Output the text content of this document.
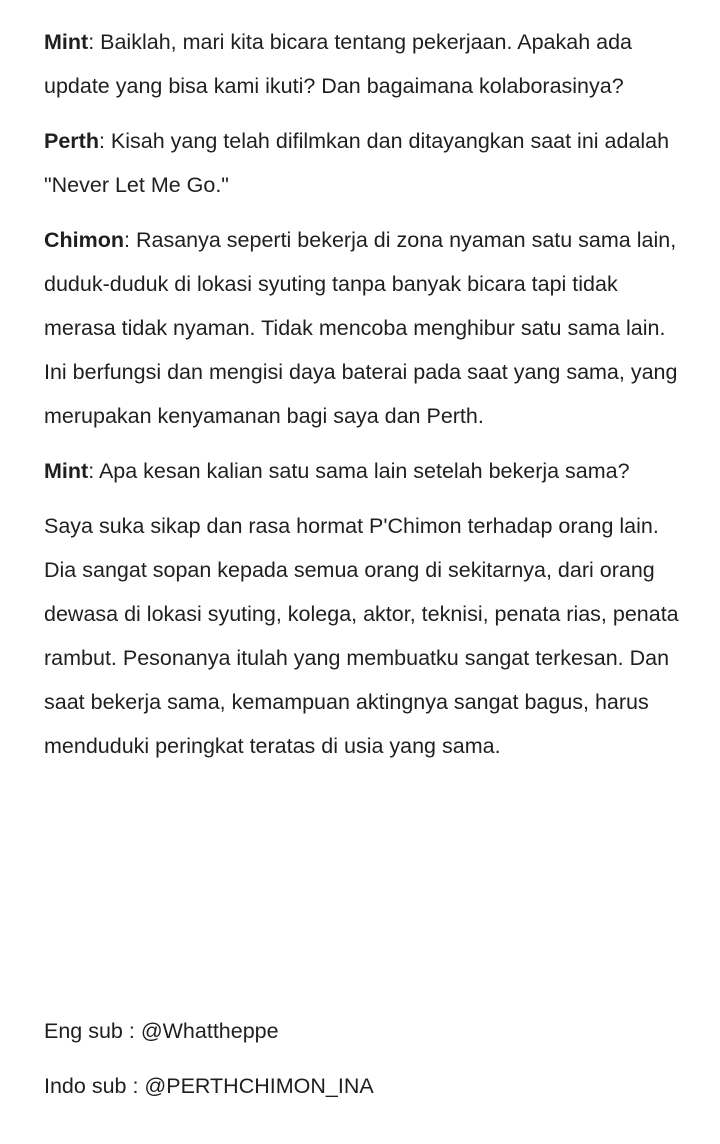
Mint: Baiklah, mari kita bicara tentang pekerjaan. Apakah ada update yang bisa kami ikuti? Dan bagaimana kolaborasinya?

Perth: Kisah yang telah difilmkan dan ditayangkan saat ini adalah "Never Let Me Go."

Chimon: Rasanya seperti bekerja di zona nyaman satu sama lain, duduk-duduk di lokasi syuting tanpa banyak bicara tapi tidak merasa tidak nyaman. Tidak mencoba menghibur satu sama lain. Ini berfungsi dan mengisi daya baterai pada saat yang sama, yang merupakan kenyamanan bagi saya dan Perth.

Mint: Apa kesan kalian satu sama lain setelah bekerja sama?

Saya suka sikap dan rasa hormat P'Chimon terhadap orang lain. Dia sangat sopan kepada semua orang di sekitarnya, dari orang dewasa di lokasi syuting, kolega, aktor, teknisi, penata rias, penata rambut. Pesonanya itulah yang membuatku sangat terkesan. Dan saat bekerja sama, kemampuan aktingnya sangat bagus, harus menduduki peringkat teratas di usia yang sama.

Eng sub : @Whattheppe

Indo sub : @PERTHCHIMON_INA
